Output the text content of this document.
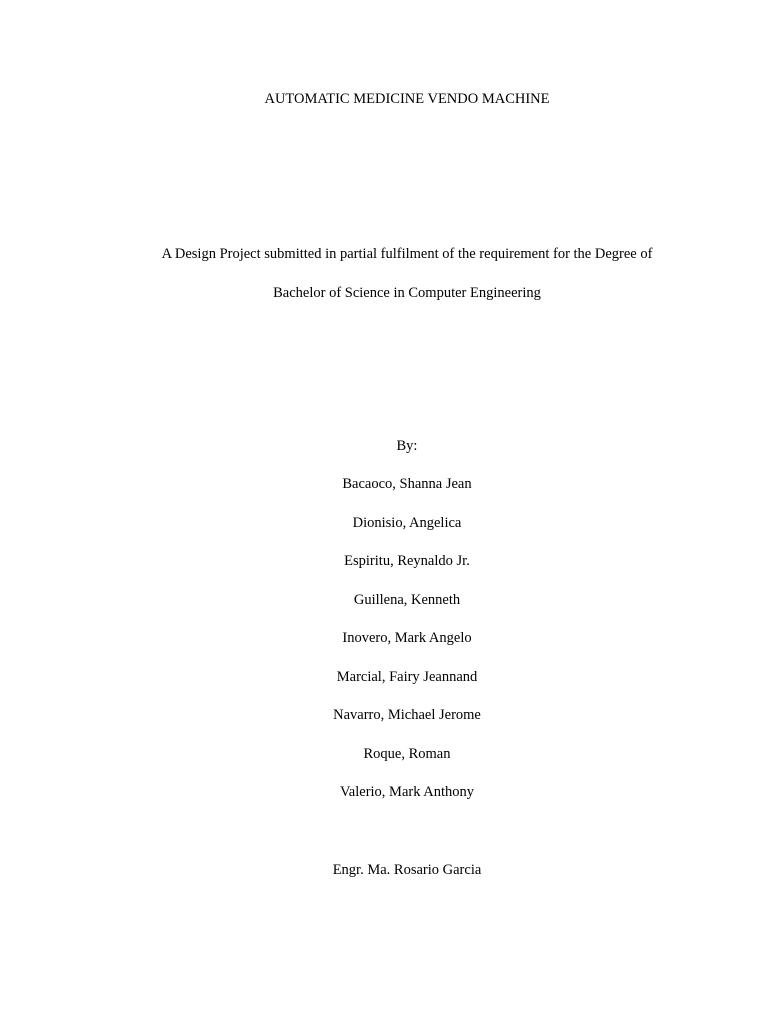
AUTOMATIC MEDICINE VENDO MACHINE
A Design Project submitted in partial fulfilment of the requirement for the Degree of
Bachelor of Science in Computer Engineering
By:
Bacaoco, Shanna Jean
Dionisio, Angelica
Espiritu, Reynaldo Jr.
Guillena, Kenneth
Inovero, Mark Angelo
Marcial, Fairy Jeannand
Navarro, Michael Jerome
Roque, Roman
Valerio, Mark Anthony
Engr. Ma. Rosario Garcia
